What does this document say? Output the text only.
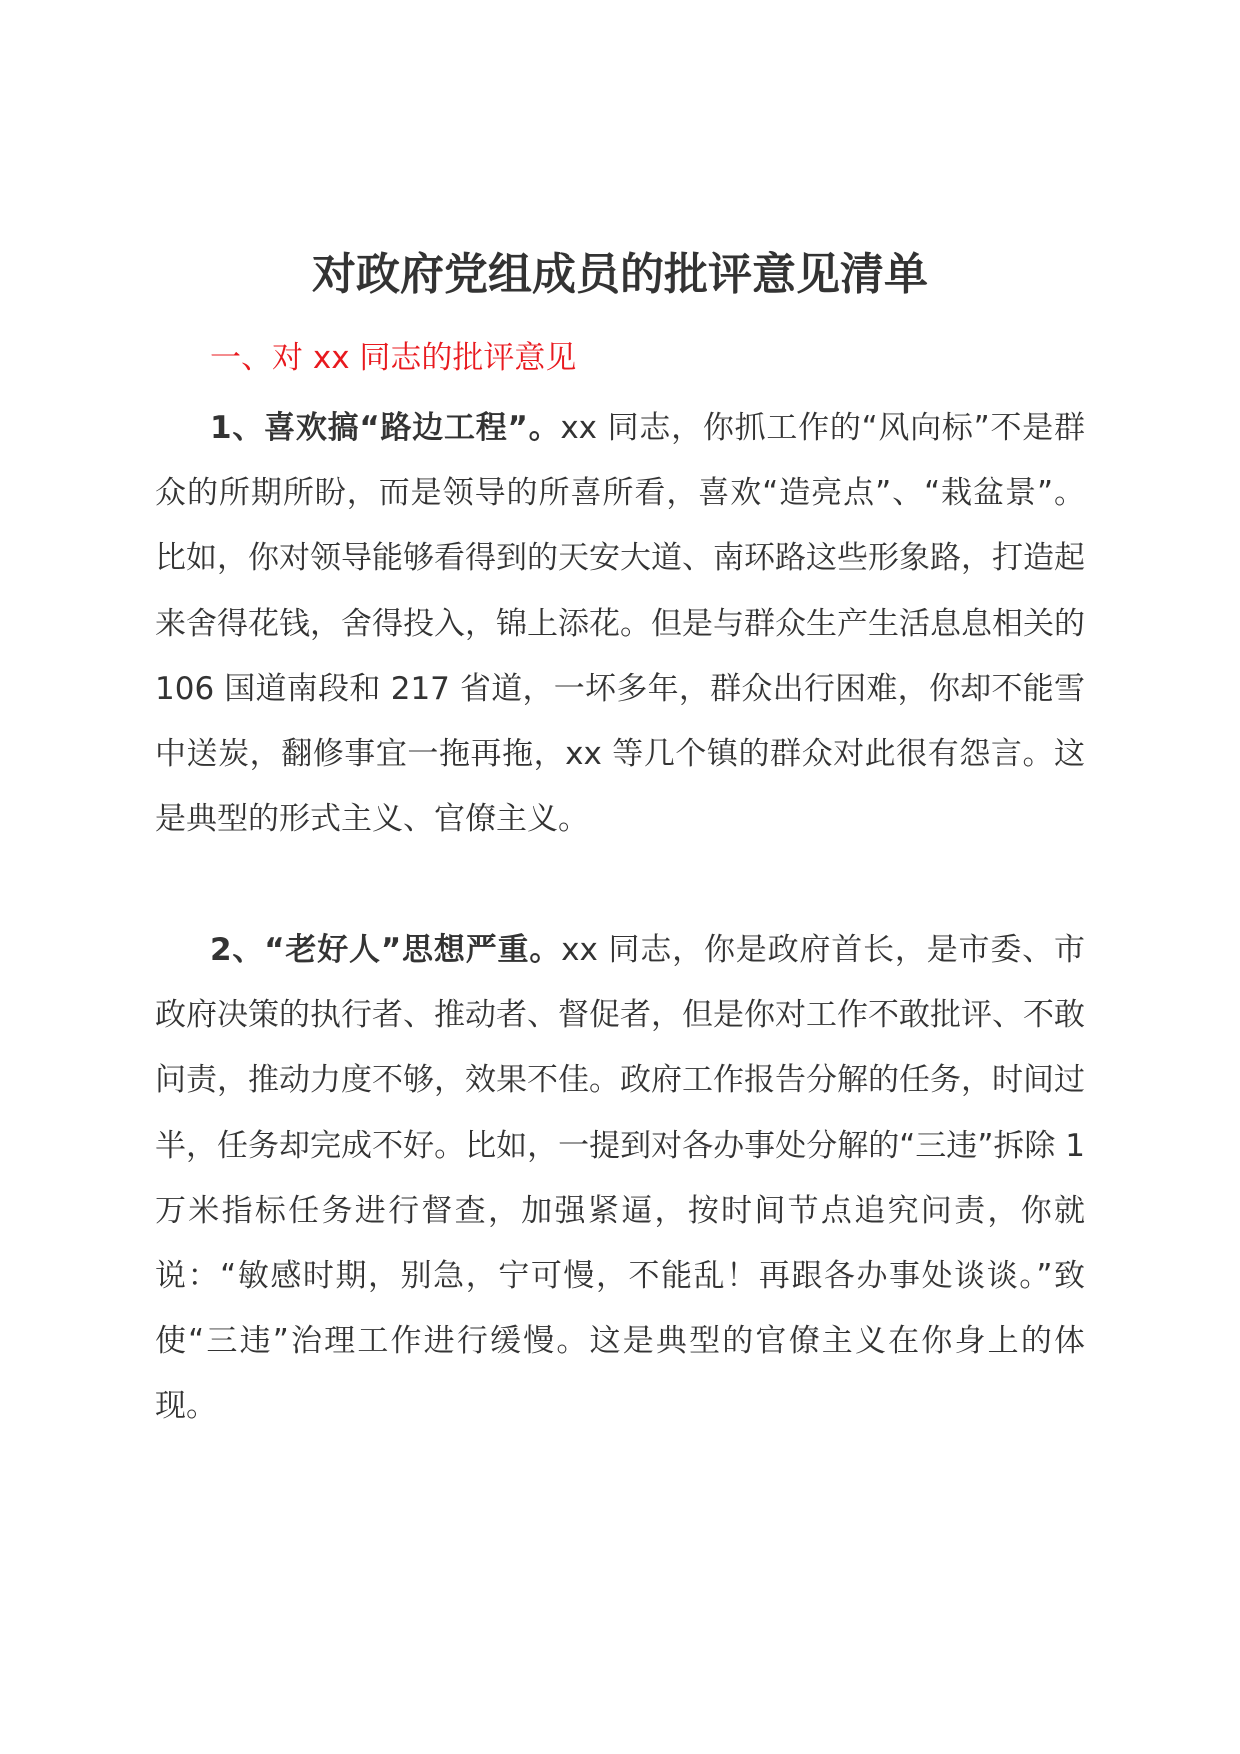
对政府党组成员的批评意见清单

一、对 xx 同志的批评意见

1、喜欢搞“路边工程”。xx 同志，你抓工作的“风向标”不是群众的所期所盼，而是领导的所喜所看，喜欢“造亮点”、“栽盆景”。比如，你对领导能够看得到的天安大道、南环路这些形象路，打造起来舍得花钱，舍得投入，锦上添花。但是与群众生产生活息息相关的 106 国道南段和 217 省道，一坏多年，群众出行困难，你却不能雪中送炭，翻修事宜一拖再拖，xx 等几个镇的群众对此很有怨言。这是典型的形式主义、官僚主义。

2、“老好人”思想严重。xx 同志，你是政府首长，是市委、市政府决策的执行者、推动者、督促者，但是你对工作不敢批评、不敢问责，推动力度不够，效果不佳。政府工作报告分解的任务，时间过半，任务却完成不好。比如，一提到对各办事处分解的“三违”拆除 1 万米指标任务进行督查，加强紧逼，按时间节点追究问责，你就说：“敏感时期，别急，宁可慢，不能乱！再跟各办事处谈谈。”致使“三违”治理工作进行缓慢。这是典型的官僚主义在你身上的体现。
